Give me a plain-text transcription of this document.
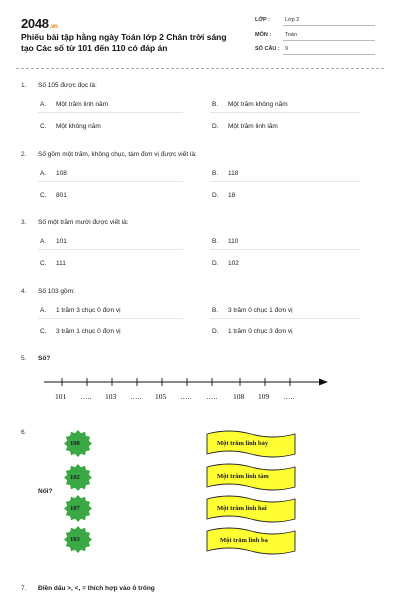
2048.vn
Phiếu bài tập hằng ngày Toán lớp 2 Chân trời sáng tạo Các số từ 101 đến 110 có đáp án
LỚP :	Lớp 2
MÔN :	Toán
SỐ CÂU : 9
1. Số 105 được đọc là:
A. Một trăm linh năm	B. Một trăm không năm
C. Một không năm	D. Một trăm linh lăm
2. Số gồm một trăm, không chục, tám đơn vị được viết là:
A. 108	B. 118
C. 801	D. 18
3. Số một trăm mười được viết là:
A. 101	B. 110
C. 111	D. 102
4. Số 103 gồm:
A. 1 trăm 3 chục 0 đơn vị	B. 3 trăm 0 chục 1 đơn vị
C. 3 trăm 1 chục 0 đơn vị	D. 1 trăm 0 chục 3 đơn vị
5. Số?
101 ….. 103 ….. 105 ….. ….. 108 109 …..
6.
Nối?
108
102
107
103
Một trăm linh bảy
Một trăm linh tám
Một trăm linh hai
Một trăm linh ba
7. Điền dấu >, <, = thích hợp vào ô trống
